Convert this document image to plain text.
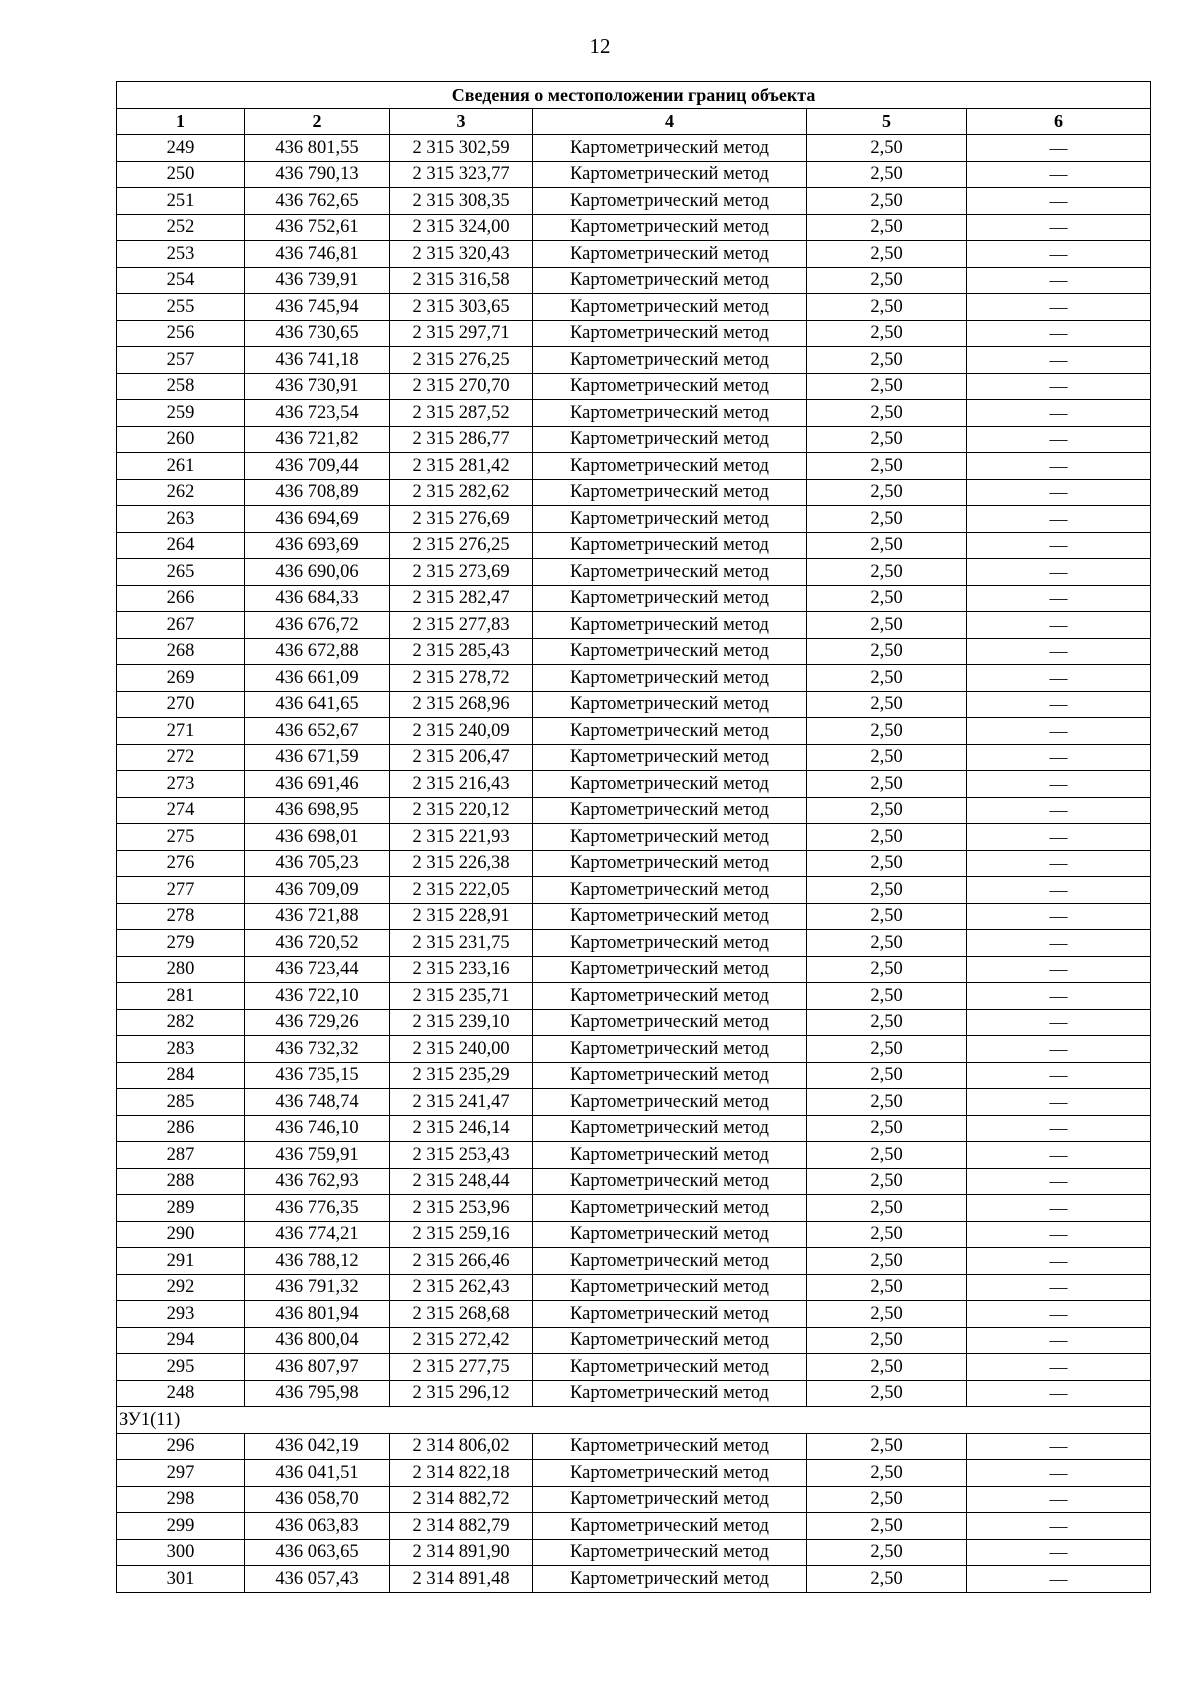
12
Сведения о местоположении границ объекта					
1	2	3	4	5	6
249	436 801,55	2 315 302,59	Картометрический метод	2,50	—
250	436 790,13	2 315 323,77	Картометрический метод	2,50	—
251	436 762,65	2 315 308,35	Картометрический метод	2,50	—
252	436 752,61	2 315 324,00	Картометрический метод	2,50	—
253	436 746,81	2 315 320,43	Картометрический метод	2,50	—
254	436 739,91	2 315 316,58	Картометрический метод	2,50	—
255	436 745,94	2 315 303,65	Картометрический метод	2,50	—
256	436 730,65	2 315 297,71	Картометрический метод	2,50	—
257	436 741,18	2 315 276,25	Картометрический метод	2,50	—
258	436 730,91	2 315 270,70	Картометрический метод	2,50	—
259	436 723,54	2 315 287,52	Картометрический метод	2,50	—
260	436 721,82	2 315 286,77	Картометрический метод	2,50	—
261	436 709,44	2 315 281,42	Картометрический метод	2,50	—
262	436 708,89	2 315 282,62	Картометрический метод	2,50	—
263	436 694,69	2 315 276,69	Картометрический метод	2,50	—
264	436 693,69	2 315 276,25	Картометрический метод	2,50	—
265	436 690,06	2 315 273,69	Картометрический метод	2,50	—
266	436 684,33	2 315 282,47	Картометрический метод	2,50	—
267	436 676,72	2 315 277,83	Картометрический метод	2,50	—
268	436 672,88	2 315 285,43	Картометрический метод	2,50	—
269	436 661,09	2 315 278,72	Картометрический метод	2,50	—
270	436 641,65	2 315 268,96	Картометрический метод	2,50	—
271	436 652,67	2 315 240,09	Картометрический метод	2,50	—
272	436 671,59	2 315 206,47	Картометрический метод	2,50	—
273	436 691,46	2 315 216,43	Картометрический метод	2,50	—
274	436 698,95	2 315 220,12	Картометрический метод	2,50	—
275	436 698,01	2 315 221,93	Картометрический метод	2,50	—
276	436 705,23	2 315 226,38	Картометрический метод	2,50	—
277	436 709,09	2 315 222,05	Картометрический метод	2,50	—
278	436 721,88	2 315 228,91	Картометрический метод	2,50	—
279	436 720,52	2 315 231,75	Картометрический метод	2,50	—
280	436 723,44	2 315 233,16	Картометрический метод	2,50	—
281	436 722,10	2 315 235,71	Картометрический метод	2,50	—
282	436 729,26	2 315 239,10	Картометрический метод	2,50	—
283	436 732,32	2 315 240,00	Картометрический метод	2,50	—
284	436 735,15	2 315 235,29	Картометрический метод	2,50	—
285	436 748,74	2 315 241,47	Картометрический метод	2,50	—
286	436 746,10	2 315 246,14	Картометрический метод	2,50	—
287	436 759,91	2 315 253,43	Картометрический метод	2,50	—
288	436 762,93	2 315 248,44	Картометрический метод	2,50	—
289	436 776,35	2 315 253,96	Картометрический метод	2,50	—
290	436 774,21	2 315 259,16	Картометрический метод	2,50	—
291	436 788,12	2 315 266,46	Картометрический метод	2,50	—
292	436 791,32	2 315 262,43	Картометрический метод	2,50	—
293	436 801,94	2 315 268,68	Картометрический метод	2,50	—
294	436 800,04	2 315 272,42	Картометрический метод	2,50	—
295	436 807,97	2 315 277,75	Картометрический метод	2,50	—
248	436 795,98	2 315 296,12	Картометрический метод	2,50	—
ЗУ1(11)					
296	436 042,19	2 314 806,02	Картометрический метод	2,50	—
297	436 041,51	2 314 822,18	Картометрический метод	2,50	—
298	436 058,70	2 314 882,72	Картометрический метод	2,50	—
299	436 063,83	2 314 882,79	Картометрический метод	2,50	—
300	436 063,65	2 314 891,90	Картометрический метод	2,50	—
301	436 057,43	2 314 891,48	Картометрический метод	2,50	—
